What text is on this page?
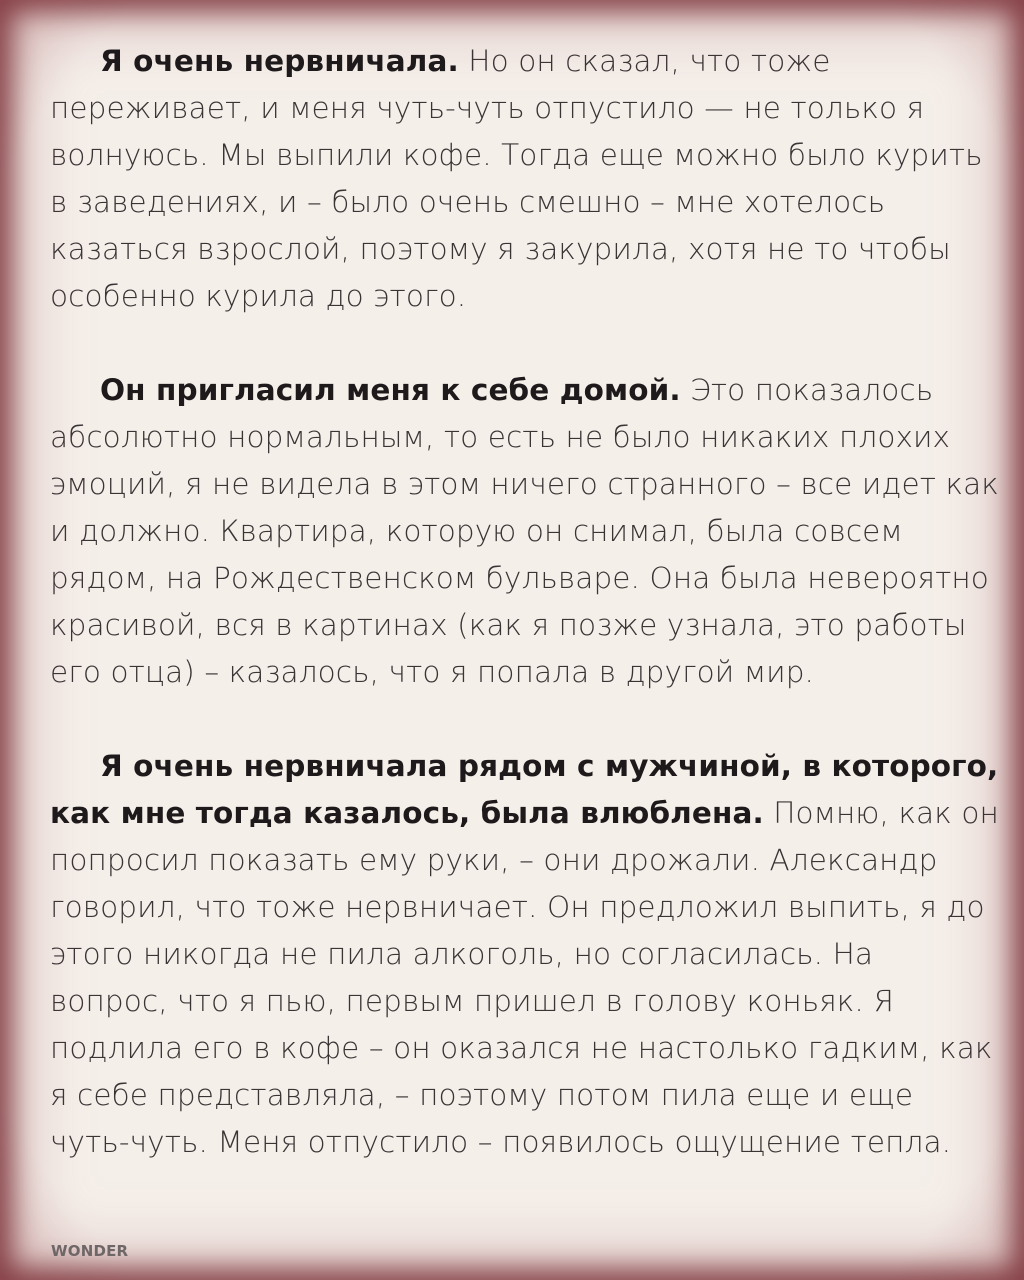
Я очень нервничала. Но он сказал, что тоже переживает, и меня чуть-чуть отпустило — не только я волнуюсь. Мы выпили кофе. Тогда еще можно было курить в заведениях, и – было очень смешно – мне хотелось казаться взрослой, поэтому я закурила, хотя не то чтобы особенно курила до этого.

Он пригласил меня к себе домой. Это показалось абсолютно нормальным, то есть не было никаких плохих эмоций, я не видела в этом ничего странного – все идет как и должно. Квартира, которую он снимал, была совсем рядом, на Рождественском бульваре. Она была невероятно красивой, вся в картинах (как я позже узнала, это работы его отца) – казалось, что я попала в другой мир.

Я очень нервничала рядом с мужчиной, в которого, как мне тогда казалось, была влюблена. Помню, как он попросил показать ему руки, – они дрожали. Александр говорил, что тоже нервничает. Он предложил выпить, я до этого никогда не пила алкоголь, но согласилась. На вопрос, что я пью, первым пришел в голову коньяк. Я подлила его в кофе – он оказался не настолько гадким, как я себе представляла, – поэтому потом пила еще и еще чуть-чуть. Меня отпустило – появилось ощущение тепла.

WONDER
